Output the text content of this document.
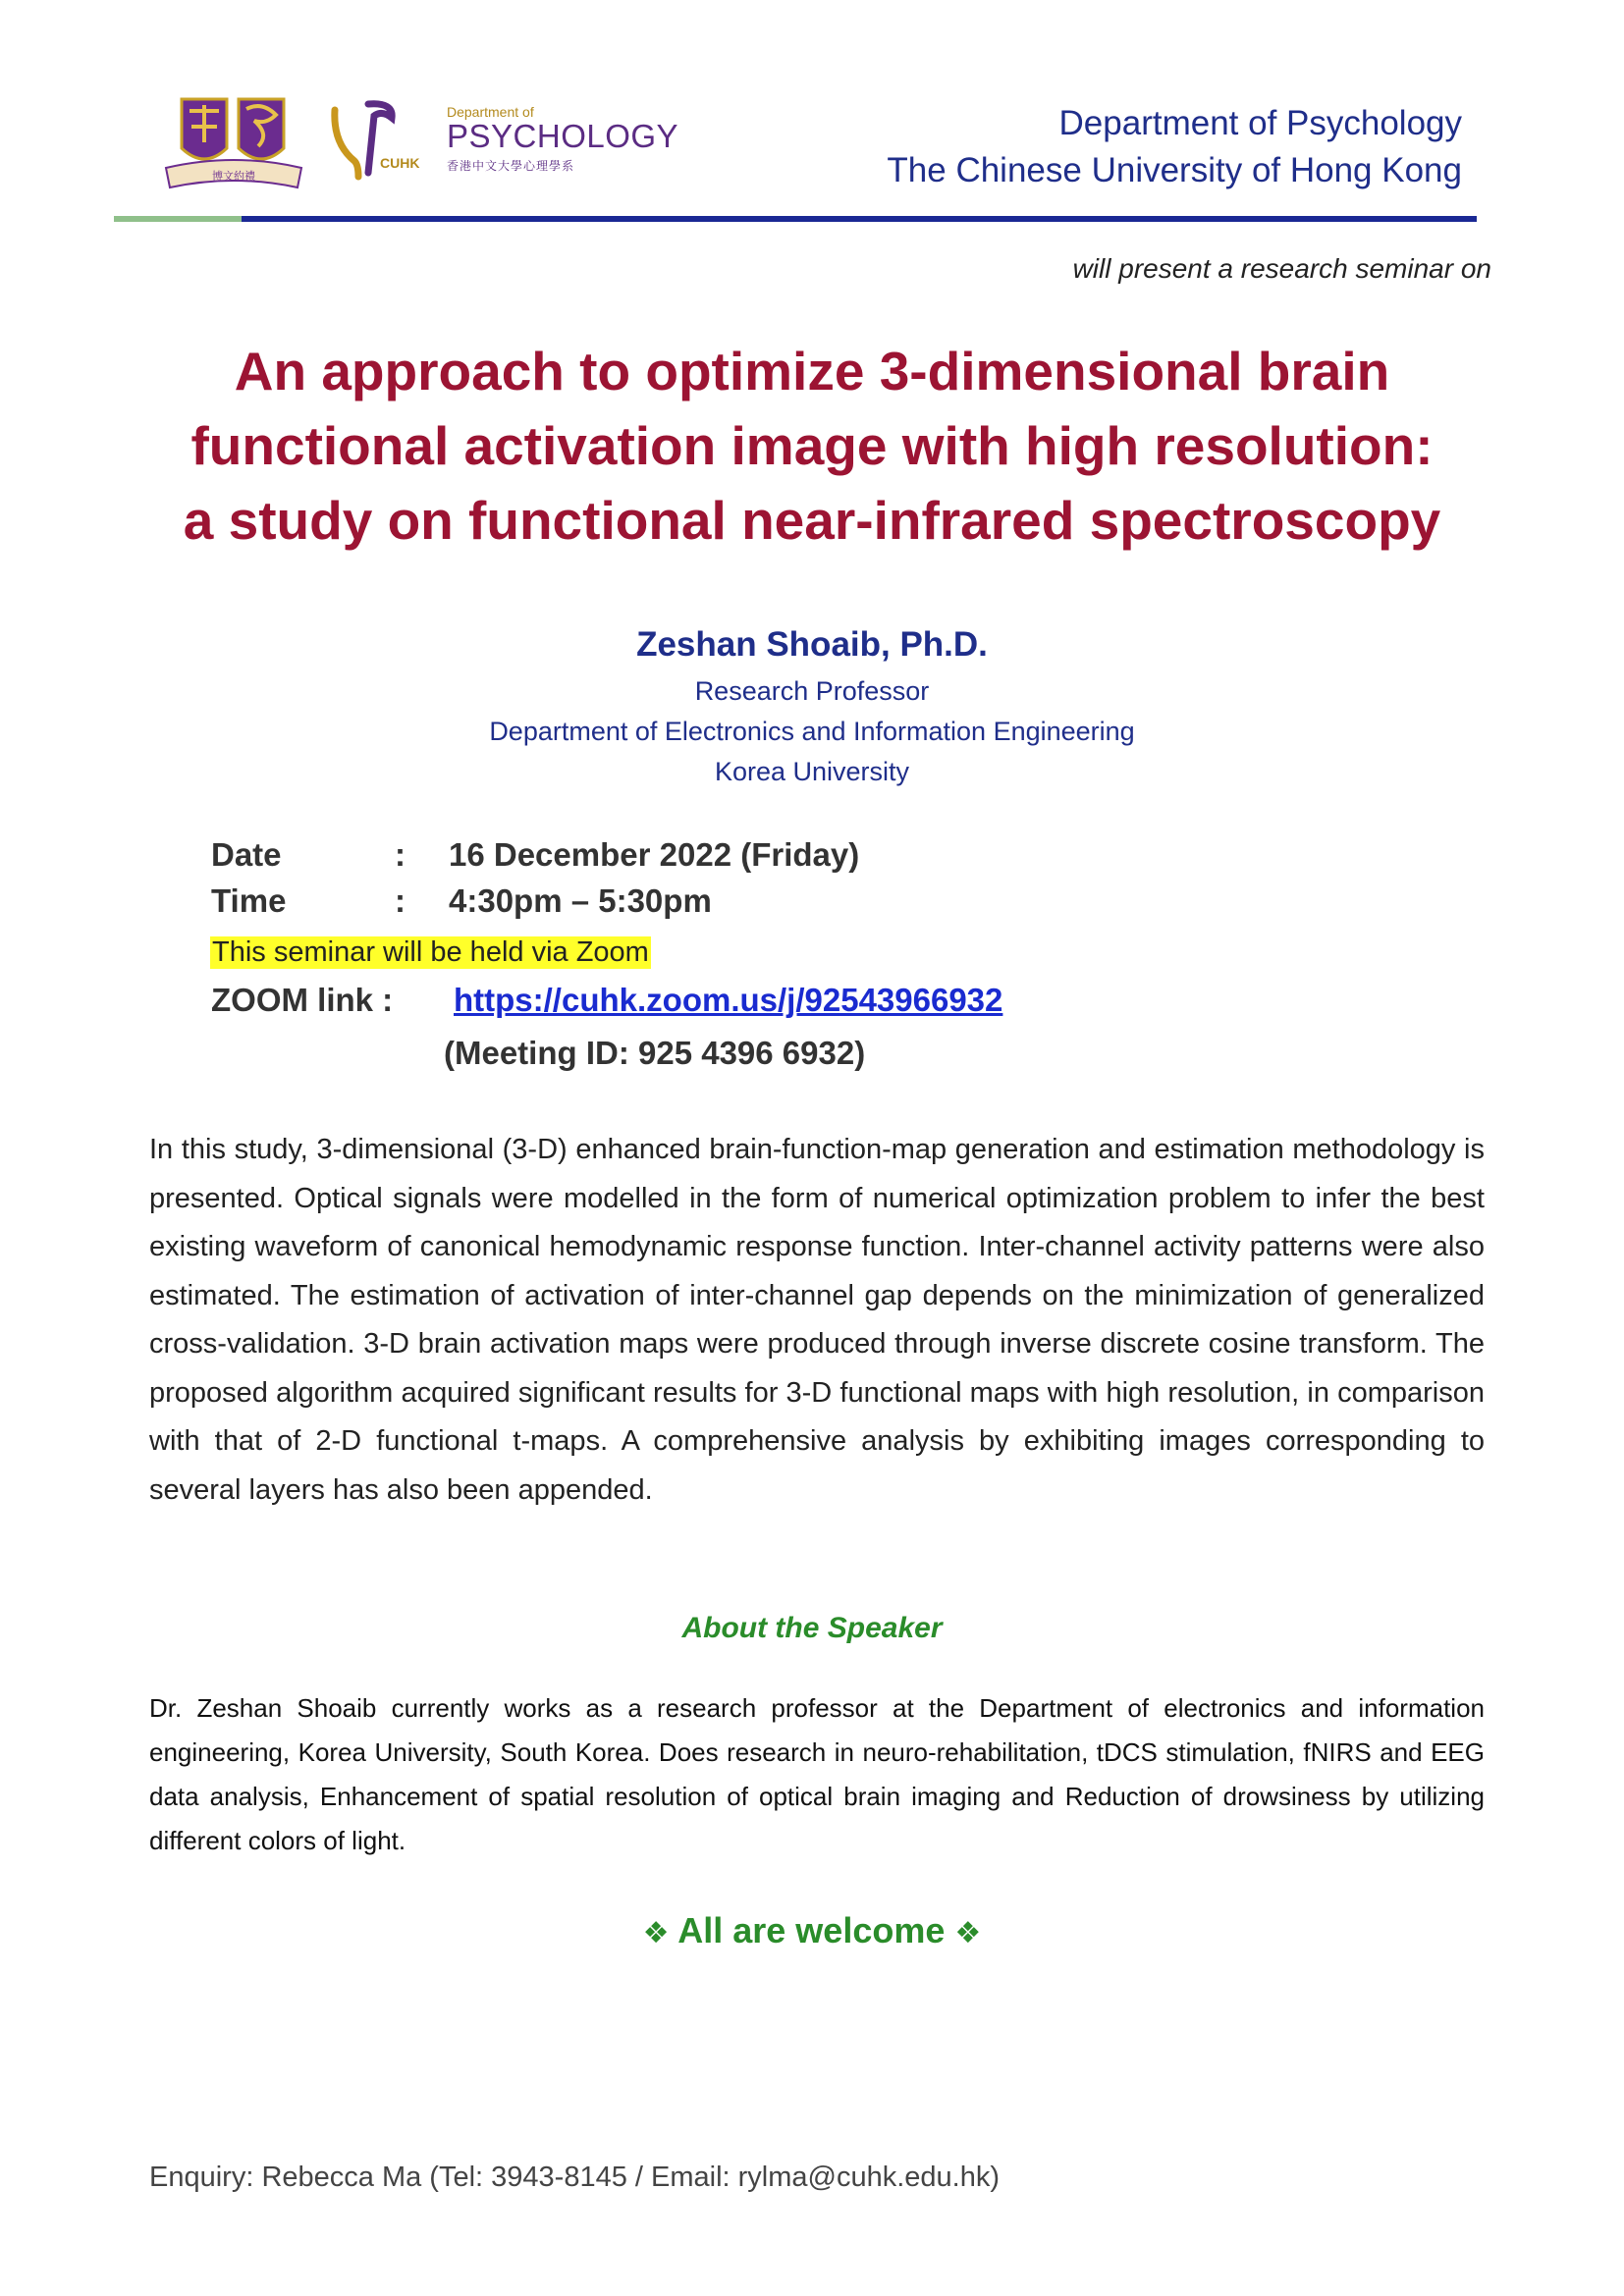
博文約禮
CUHK
Department of
PSYCHOLOGY
香港中文大學心理學系
Department of Psychology
The Chinese University of Hong Kong
will present a research seminar on
An approach to optimize 3-dimensional brain
functional activation image with high resolution:
a study on functional near-infrared spectroscopy
Zeshan Shoaib, Ph.D.
Research Professor
Department of Electronics and Information Engineering
Korea University
Date	: 16 December 2022 (Friday)
Time	: 4:30pm – 5:30pm
This seminar will be held via Zoom
ZOOM link : https://cuhk.zoom.us/j/92543966932
(Meeting ID: 925 4396 6932)
In this study, 3-dimensional (3-D) enhanced brain-function-map generation and estimation methodology is presented. Optical signals were modelled in the form of numerical optimization problem to infer the best existing waveform of canonical hemodynamic response function. Inter-channel activity patterns were also estimated. The estimation of activation of inter-channel gap depends on the minimization of generalized cross-validation. 3-D brain activation maps were produced through inverse discrete cosine transform. The proposed algorithm acquired significant results for 3-D functional maps with high resolution, in comparison with that of 2-D functional t-maps. A comprehensive analysis by exhibiting images corresponding to several layers has also been appended.
About the Speaker
Dr. Zeshan Shoaib currently works as a research professor at the Department of electronics and information engineering, Korea University, South Korea. Does research in neuro-rehabilitation, tDCS stimulation, fNIRS and EEG data analysis, Enhancement of spatial resolution of optical brain imaging and Reduction of drowsiness by utilizing different colors of light.
❖ All are welcome ❖
Enquiry: Rebecca Ma (Tel: 3943-8145 / Email: rylma@cuhk.edu.hk)
